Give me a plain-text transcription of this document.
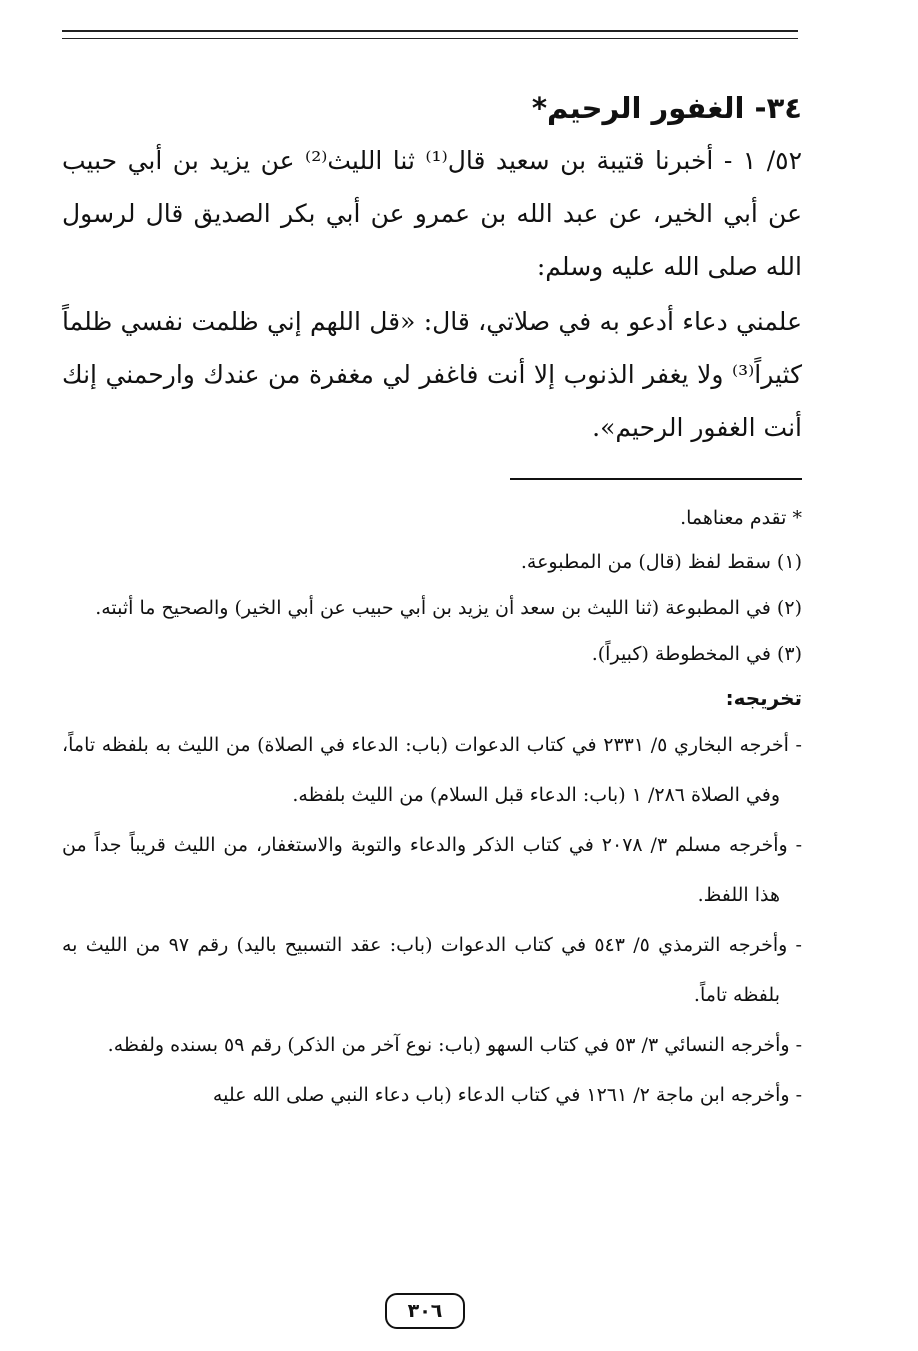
٣٤- الغفور الرحيم*

٥٢/ ١ - أخبرنا قتيبة بن سعيد قال⁽¹⁾ ثنا الليث⁽²⁾ عن يزيد بن أبي حبيب عن أبي الخير، عن عبد الله بن عمرو عن أبي بكر الصديق قال لرسول الله صلى الله عليه وسلم:

علمني دعاء أدعو به في صلاتي، قال: «قل اللهم إني ظلمت نفسي ظلماً كثيراً⁽³⁾ ولا يغفر الذنوب إلا أنت فاغفر لي مغفرة من عندك وارحمني إنك أنت الغفور الرحيم».

* تقدم معناهما.

(١) سقط لفظ (قال) من المطبوعة.

(٢) في المطبوعة (ثنا الليث بن سعد أن يزيد بن أبي حبيب عن أبي الخير) والصحيح ما أثبته.

(٣) في المخطوطة (كبيراً).

تخريجه:

- أخرجه البخاري ٥/ ٢٣٣١ في كتاب الدعوات (باب: الدعاء في الصلاة) من الليث به بلفظه تاماً، وفي الصلاة ٢٨٦/ ١ (باب: الدعاء قبل السلام) من الليث بلفظه.

- وأخرجه مسلم ٣/ ٢٠٧٨ في كتاب الذكر والدعاء والتوبة والاستغفار، من الليث قريباً جداً من هذا اللفظ.

- وأخرجه الترمذي ٥/ ٥٤٣ في كتاب الدعوات (باب: عقد التسبيح باليد) رقم ٩٧ من الليث به بلفظه تاماً.

- وأخرجه النسائي ٣/ ٥٣ في كتاب السهو (باب: نوع آخر من الذكر) رقم ٥٩ بسنده ولفظه.

- وأخرجه ابن ماجة ٢/ ١٢٦١ في كتاب الدعاء (باب دعاء النبي صلى الله عليه

٣٠٦
